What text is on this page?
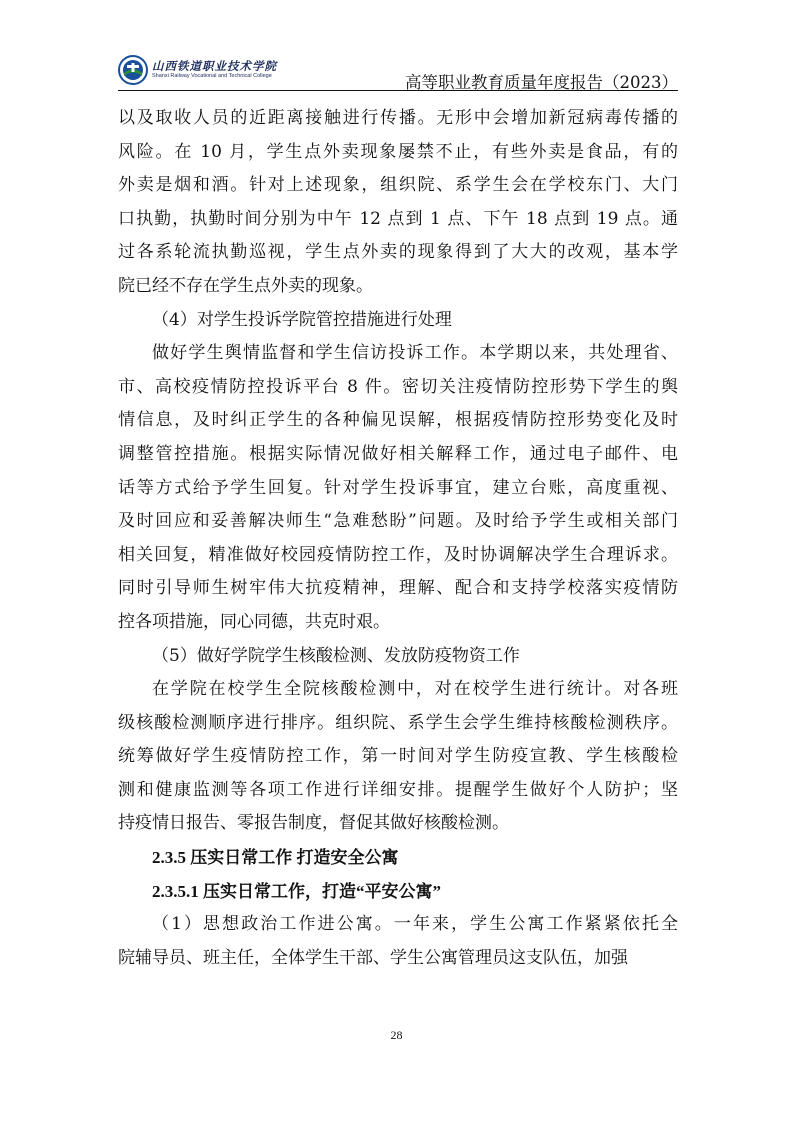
山西铁道职业技术学院
Shanxi Railway Vocational and Technical College	高等职业教育质量年度报告（2023）

以及取收人员的近距离接触进行传播。无形中会增加新冠病毒传播的

风险。在 10 月，学生点外卖现象屡禁不止，有些外卖是食品，有的

外卖是烟和酒。针对上述现象，组织院、系学生会在学校东门、大门

口执勤，执勤时间分别为中午 12 点到 1 点、下午 18 点到 19 点。通

过各系轮流执勤巡视，学生点外卖的现象得到了大大的改观，基本学

院已经不存在学生点外卖的现象。

（4）对学生投诉学院管控措施进行处理

做好学生舆情监督和学生信访投诉工作。本学期以来，共处理省、

市、高校疫情防控投诉平台 8 件。密切关注疫情防控形势下学生的舆

情信息，及时纠正学生的各种偏见误解，根据疫情防控形势变化及时

调整管控措施。根据实际情况做好相关解释工作，通过电子邮件、电

话等方式给予学生回复。针对学生投诉事宜，建立台账，高度重视、

及时回应和妥善解决师生“急难愁盼”问题。及时给予学生或相关部门

相关回复，精准做好校园疫情防控工作，及时协调解决学生合理诉求。

同时引导师生树牢伟大抗疫精神，理解、配合和支持学校落实疫情防

控各项措施，同心同德，共克时艰。

（5）做好学院学生核酸检测、发放防疫物资工作

在学院在校学生全院核酸检测中，对在校学生进行统计。对各班

级核酸检测顺序进行排序。组织院、系学生会学生维持核酸检测秩序。

统筹做好学生疫情防控工作，第一时间对学生防疫宣教、学生核酸检

测和健康监测等各项工作进行详细安排。提醒学生做好个人防护；坚

持疫情日报告、零报告制度，督促其做好核酸检测。

2.3.5 压实日常工作 打造安全公寓

2.3.5.1 压实日常工作，打造“平安公寓”

（1）思想政治工作进公寓。一年来，学生公寓工作紧紧依托全

院辅导员、班主任，全体学生干部、学生公寓管理员这支队伍，加强

28
